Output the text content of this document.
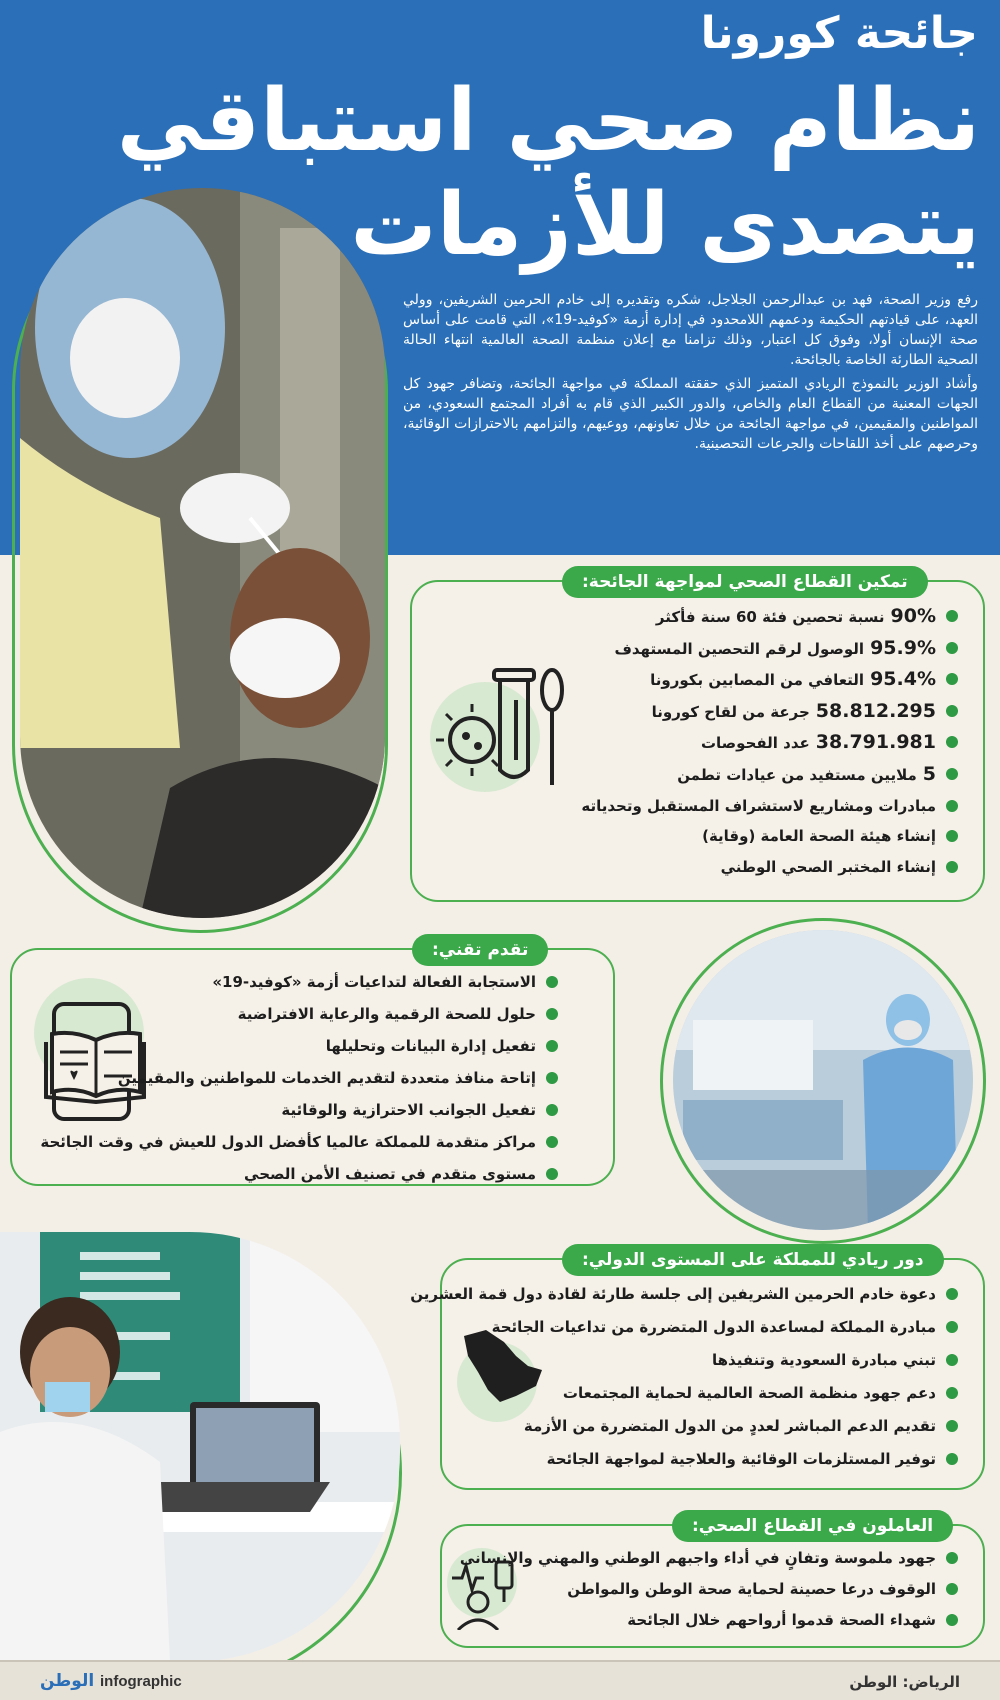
جائحة كورونا
نظام صحي استباقي
يتصدى للأزمات

رفع وزير الصحة، فهد بن عبدالرحمن الجلاجل، شكره وتقديره إلى خادم الحرمين الشريفين، وولي العهد، على قيادتهم الحكيمة ودعمهم اللامحدود في إدارة أزمة «كوفيد-19»، التي قامت على أساس صحة الإنسان أولا، وفوق كل اعتبار، وذلك تزامنا مع إعلان منظمة الصحة العالمية انتهاء الحالة الصحية الطارئة الخاصة بالجائحة.

وأشاد الوزير بالنموذج الريادي المتميز الذي حققته المملكة في مواجهة الجائحة، وتضافر جهود كل الجهات المعنية من القطاع العام والخاص، والدور الكبير الذي قام به أفراد المجتمع السعودي، من المواطنين والمقيمين، في مواجهة الجائحة من خلال تعاونهم، ووعيهم، والتزامهم بالاحترازات الوقائية، وحرصهم على أخذ اللقاحات والجرعات التحصينية.

تمكين القطاع الصحي لمواجهة الجائحة:
90%نسبة تحصين فئة 60 سنة فأكثر
95.9%الوصول لرقم التحصين المستهدف
95.4%التعافي من المصابين بكورونا
58.812.295جرعة من لقاح كورونا
38.791.981عدد الفحوصات
5ملايين مستفيد من عيادات تطمن
مبادرات ومشاريع لاستشراف المستقبل وتحدياته
إنشاء هيئة الصحة العامة (وقاية)
إنشاء المختبر الصحي الوطني
تقدم تقني:
الاستجابة الفعالة لتداعيات أزمة «كوفيد-19»
حلول للصحة الرقمية والرعاية الافتراضية
تفعيل إدارة البيانات وتحليلها
إتاحة منافذ متعددة لتقديم الخدمات للمواطنين والمقيمين
تفعيل الجوانب الاحترازية والوقائية
مراكز متقدمة للمملكة عالميا كأفضل الدول للعيش في وقت الجائحة
مستوى متقدم في تصنيف الأمن الصحي
دور ريادي للمملكة على المستوى الدولي:
دعوة خادم الحرمين الشريفين إلى جلسة طارئة لقادة دول قمة العشرين
مبادرة المملكة لمساعدة الدول المتضررة من تداعيات الجائحة
تبني مبادرة السعودية وتنفيذها
دعم جهود منظمة الصحة العالمية لحماية المجتمعات
تقديم الدعم المباشر لعددٍ من الدول المتضررة من الأزمة
توفير المستلزمات الوقائية والعلاجية لمواجهة الجائحة
العاملون في القطاع الصحي:
جهود ملموسة وتفانٍ في أداء واجبهم الوطني والمهني والإنساني
الوقوف درعا حصينة لحماية صحة الوطن والمواطن
شهداء الصحة قدموا أرواحهم خلال الجائحة
الوطن infographic	الرياض: الوطن
